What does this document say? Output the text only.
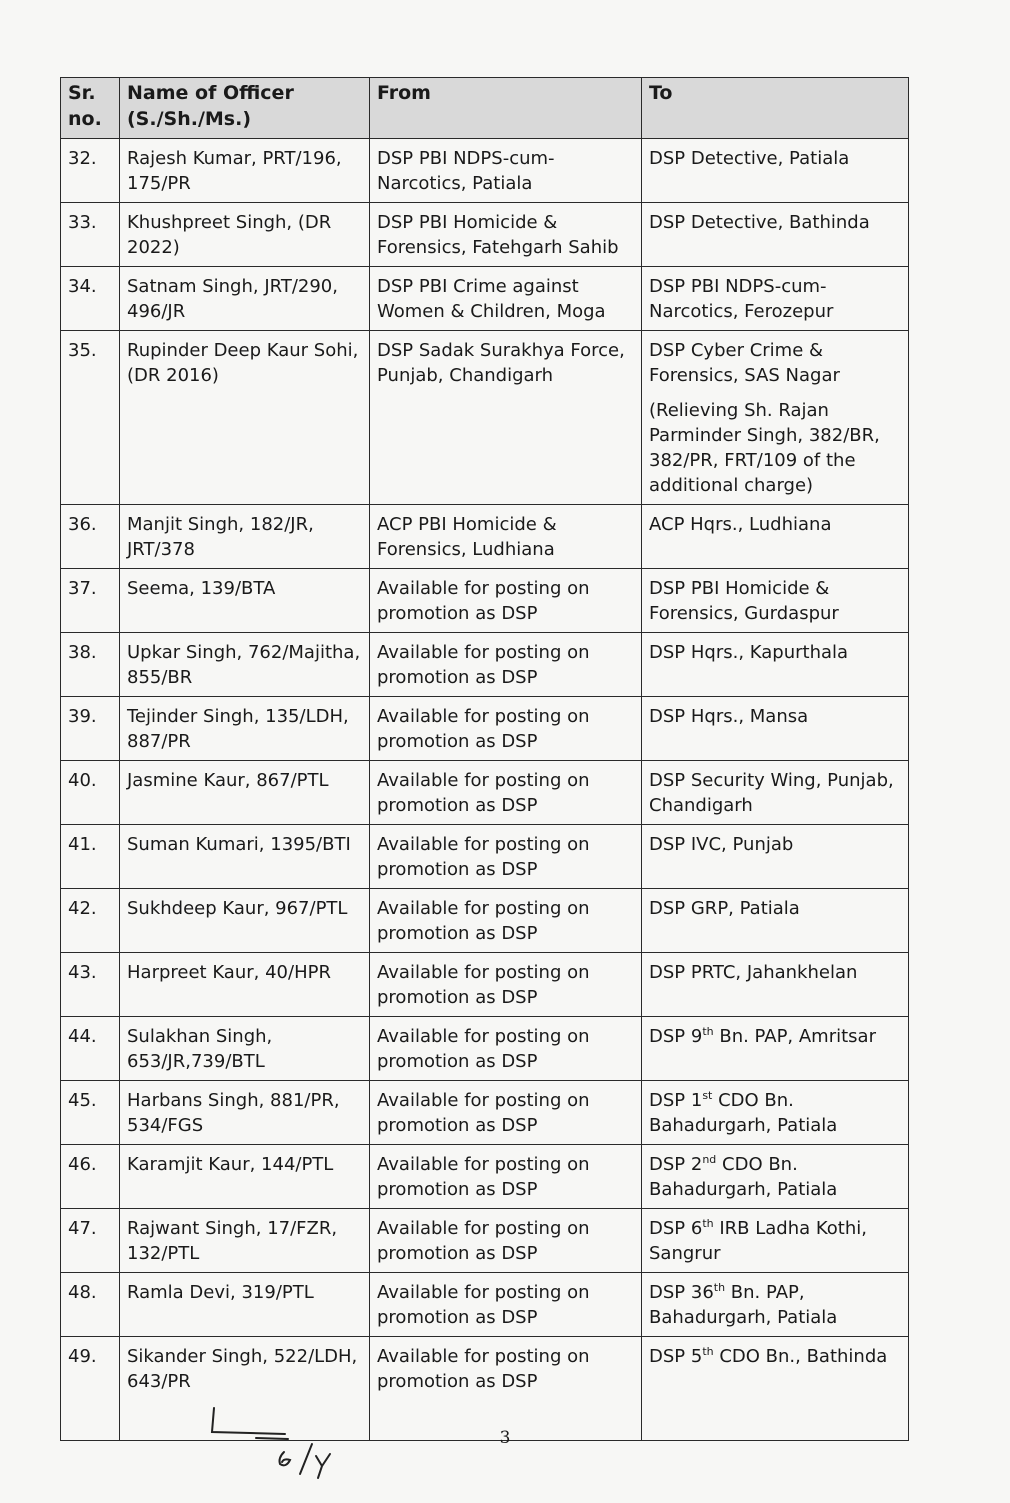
Sr. no.	Name of Officer (S./Sh./Ms.)	From	To
32.	Rajesh Kumar, PRT/196, 175/PR	DSP PBI NDPS-cum-Narcotics, Patiala	DSP Detective, Patiala
33.	Khushpreet Singh, (DR 2022)	DSP PBI Homicide & Forensics, Fatehgarh Sahib	DSP Detective, Bathinda
34.	Satnam Singh, JRT/290, 496/JR	DSP PBI Crime against Women & Children, Moga	DSP PBI NDPS-cum-Narcotics, Ferozepur
35.	Rupinder Deep Kaur Sohi, (DR 2016)	DSP Sadak Surakhya Force, Punjab, Chandigarh	DSP Cyber Crime & Forensics, SAS Nagar
(Relieving Sh. Rajan Parminder Singh, 382/BR, 382/PR, FRT/109 of the additional charge)

36.	Manjit Singh, 182/JR, JRT/378	ACP PBI Homicide & Forensics, Ludhiana	ACP Hqrs., Ludhiana
37.	Seema, 139/BTA	Available for posting on promotion as DSP	DSP PBI Homicide & Forensics, Gurdaspur
38.	Upkar Singh, 762/Majitha, 855/BR	Available for posting on promotion as DSP	DSP Hqrs., Kapurthala
39.	Tejinder Singh, 135/LDH, 887/PR	Available for posting on promotion as DSP	DSP Hqrs., Mansa
40.	Jasmine Kaur, 867/PTL	Available for posting on promotion as DSP	DSP Security Wing, Punjab, Chandigarh
41.	Suman Kumari, 1395/BTI	Available for posting on promotion as DSP	DSP IVC, Punjab
42.	Sukhdeep Kaur, 967/PTL	Available for posting on promotion as DSP	DSP GRP, Patiala
43.	Harpreet Kaur, 40/HPR	Available for posting on promotion as DSP	DSP PRTC, Jahankhelan
44.	Sulakhan Singh, 653/JR,739/BTL	Available for posting on promotion as DSP	DSP 9th Bn. PAP, Amritsar
45.	Harbans Singh, 881/PR, 534/FGS	Available for posting on promotion as DSP	DSP 1st CDO Bn. Bahadurgarh, Patiala
46.	Karamjit Kaur, 144/PTL	Available for posting on promotion as DSP	DSP 2nd CDO Bn. Bahadurgarh, Patiala
47.	Rajwant Singh, 17/FZR, 132/PTL	Available for posting on promotion as DSP	DSP 6th IRB Ladha Kothi, Sangrur
48.	Ramla Devi, 319/PTL	Available for posting on promotion as DSP	DSP 36th Bn. PAP, Bahadurgarh, Patiala
49.	Sikander Singh, 522/LDH, 643/PR	Available for posting on promotion as DSP	DSP 5th CDO Bn., Bathinda
3
